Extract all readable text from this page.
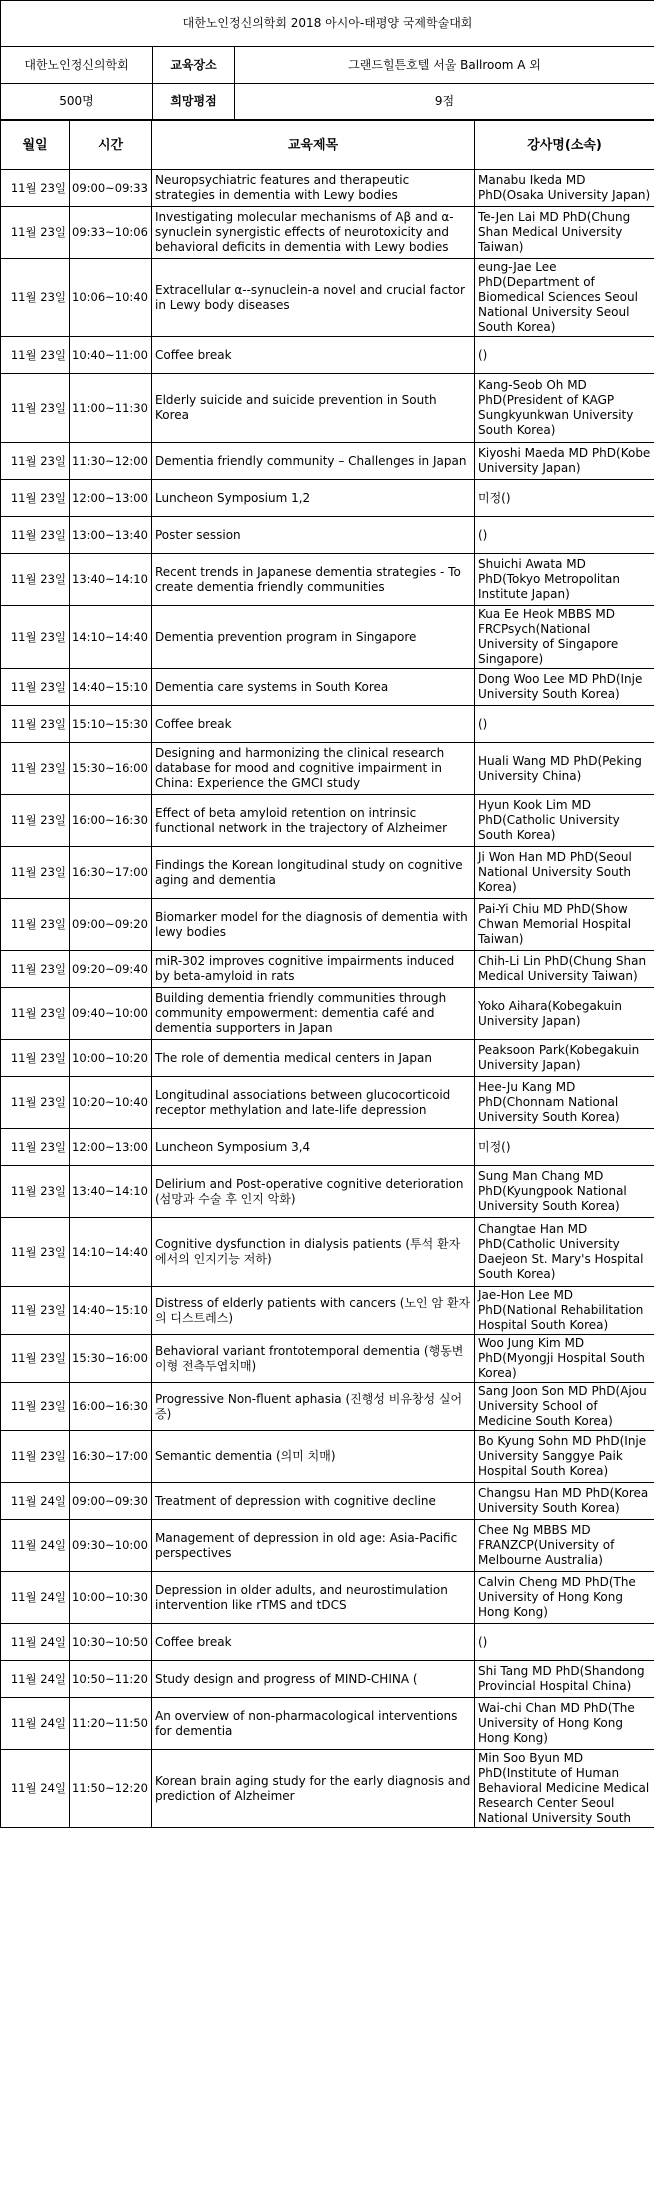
대한노인정신의학회 2018 아시아-태평양 국제학술대회		
대한노인정신의학회	교육장소	그랜드힐튼호텔 서울 Ballroom A 외
500명	희망평점	9점
월일	시간	교육제목	강사명(소속)
11월 23일	09:00~09:33	Neuropsychiatric features and therapeutic strategies in dementia with Lewy bodies	Manabu Ikeda MD PhD(Osaka University Japan)
11월 23일	09:33~10:06	Investigating molecular mechanisms of Aβ and α-synuclein synergistic effects of neurotoxicity and behavioral deficits in dementia with Lewy bodies	Te-Jen Lai MD PhD(Chung Shan Medical University Taiwan)
11월 23일	10:06~10:40	Extracellular α--synuclein-a novel and crucial factor in Lewy body diseases	eung-Jae Lee PhD(Department of Biomedical Sciences Seoul National University Seoul South Korea)
11월 23일	10:40~11:00	Coffee break	()
11월 23일	11:00~11:30	Elderly suicide and suicide prevention in South Korea	Kang-Seob Oh MD PhD(President of KAGP Sungkyunkwan University South Korea)
11월 23일	11:30~12:00	Dementia friendly community – Challenges in Japan	Kiyoshi Maeda MD PhD(Kobe University Japan)
11월 23일	12:00~13:00	Luncheon Symposium 1,2	미정()
11월 23일	13:00~13:40	Poster session	()
11월 23일	13:40~14:10	Recent trends in Japanese dementia strategies - To create dementia friendly communities	Shuichi Awata MD PhD(Tokyo Metropolitan Institute Japan)
11월 23일	14:10~14:40	Dementia prevention program in Singapore	Kua Ee Heok MBBS MD FRCPsych(National University of Singapore Singapore)
11월 23일	14:40~15:10	Dementia care systems in South Korea	Dong Woo Lee MD PhD(Inje University South Korea)
11월 23일	15:10~15:30	Coffee break	()
11월 23일	15:30~16:00	Designing and harmonizing the clinical research database for mood and cognitive impairment in China: Experience the GMCI study	Huali Wang MD PhD(Peking University China)
11월 23일	16:00~16:30	Effect of beta amyloid retention on intrinsic functional network in the trajectory of Alzheimer	Hyun Kook Lim MD PhD(Catholic University South Korea)
11월 23일	16:30~17:00	Findings the Korean longitudinal study on cognitive aging and dementia	Ji Won Han MD PhD(Seoul National University South Korea)
11월 23일	09:00~09:20	Biomarker model for the diagnosis of dementia with lewy bodies	Pai-Yi Chiu MD PhD(Show Chwan Memorial Hospital Taiwan)
11월 23일	09:20~09:40	miR-302 improves cognitive impairments induced by beta-amyloid in rats	Chih-Li Lin PhD(Chung Shan Medical University Taiwan)
11월 23일	09:40~10:00	Building dementia friendly communities through community empowerment: dementia café and dementia supporters in Japan	Yoko Aihara(Kobegakuin University Japan)
11월 23일	10:00~10:20	The role of dementia medical centers in Japan	Peaksoon Park(Kobegakuin University Japan)
11월 23일	10:20~10:40	Longitudinal associations between glucocorticoid receptor methylation and late-life depression	Hee-Ju Kang MD PhD(Chonnam National University South Korea)
11월 23일	12:00~13:00	Luncheon Symposium 3,4	미정()
11월 23일	13:40~14:10	Delirium and Post-operative cognitive deterioration (섬망과 수술 후 인지 악화)	Sung Man Chang MD PhD(Kyungpook National University South Korea)
11월 23일	14:10~14:40	Cognitive dysfunction in dialysis patients (투석 환자에서의 인지기능 저하)	Changtae Han MD PhD(Catholic University Daejeon St. Mary's Hospital South Korea)
11월 23일	14:40~15:10	Distress of elderly patients with cancers (노인 암 환자의 디스트레스)	Jae-Hon Lee MD PhD(National Rehabilitation Hospital South Korea)
11월 23일	15:30~16:00	Behavioral variant frontotemporal dementia (행동변이형 전측두엽치매)	Woo Jung Kim MD PhD(Myongji Hospital South Korea)
11월 23일	16:00~16:30	Progressive Non-fluent aphasia (진행성 비유창성 실어증)	Sang Joon Son MD PhD(Ajou University School of Medicine South Korea)
11월 23일	16:30~17:00	Semantic dementia (의미 치매)	Bo Kyung Sohn MD PhD(Inje University Sanggye Paik Hospital South Korea)
11월 24일	09:00~09:30	Treatment of depression with cognitive decline	Changsu Han MD PhD(Korea University South Korea)
11월 24일	09:30~10:00	Management of depression in old age: Asia-Pacific perspectives	Chee Ng MBBS MD FRANZCP(University of Melbourne Australia)
11월 24일	10:00~10:30	Depression in older adults, and neurostimulation intervention like rTMS and tDCS	Calvin Cheng MD PhD(The University of Hong Kong Hong Kong)
11월 24일	10:30~10:50	Coffee break	()
11월 24일	10:50~11:20	Study design and progress of MIND-CHINA (	Shi Tang MD PhD(Shandong Provincial Hospital China)
11월 24일	11:20~11:50	An overview of non-pharmacological interventions for dementia	Wai-chi Chan MD PhD(The University of Hong Kong Hong Kong)
11월 24일	11:50~12:20	Korean brain aging study for the early diagnosis and prediction of Alzheimer	Min Soo Byun MD PhD(Institute of Human Behavioral Medicine Medical Research Center Seoul National University South
